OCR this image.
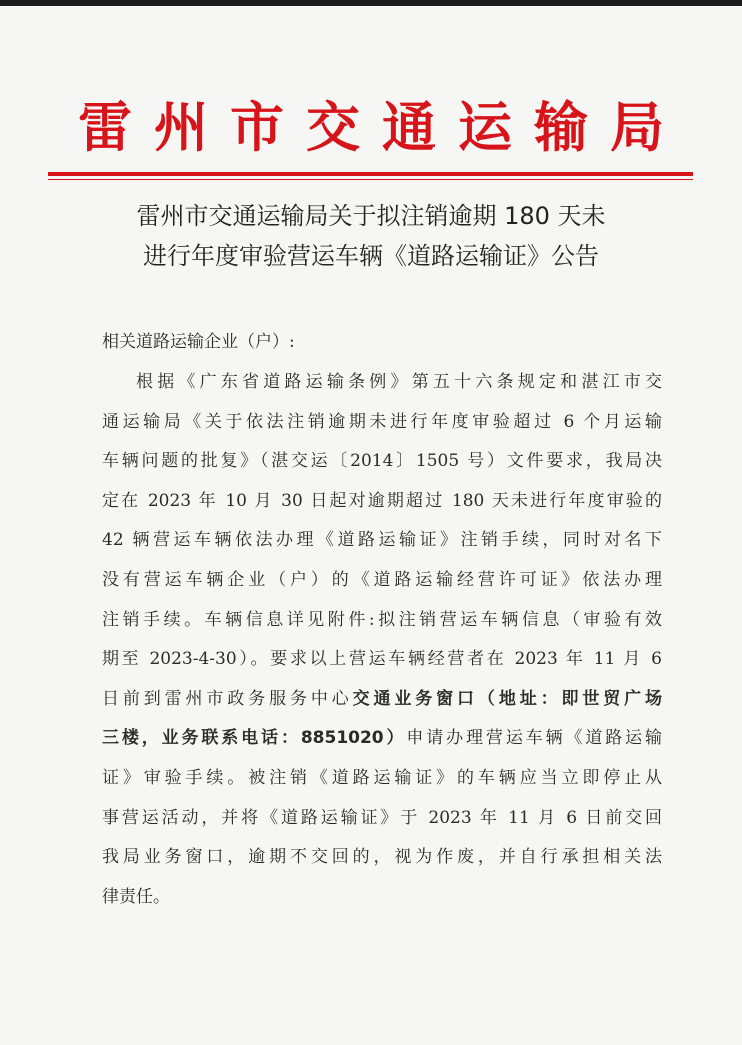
雷州市交通运输局
雷州市交通运输局关于拟注销逾期 180 天未
进行年度审验营运车辆《道路运输证》公告
相关道路运输企业（户）:
根据《广东省道路运输条例》第五十六条规定和湛江市交
通运输局《关于依法注销逾期未进行年度审验超过 6 个月运输
车辆问题的批复》（湛交运〔2014〕1505 号）文件要求，我局决
定在 2023 年 10 月 30 日起对逾期超过 180 天未进行年度审验的
42 辆营运车辆依法办理《道路运输证》注销手续，同时对名下
没有营运车辆企业（户）的《道路运输经营许可证》依法办理
注销手续。车辆信息详见附件:拟注销营运车辆信息（审验有效
期至 2023-4-30）。要求以上营运车辆经营者在 2023 年 11 月 6
日前到雷州市政务服务中心交通业务窗口（地址：即世贸广场
三楼，业务联系电话：8851020）申请办理营运车辆《道路运输
证》审验手续。被注销《道路运输证》的车辆应当立即停止从
事营运活动，并将《道路运输证》于 2023 年 11 月 6 日前交回
我局业务窗口，逾期不交回的，视为作废，并自行承担相关法
律责任。
